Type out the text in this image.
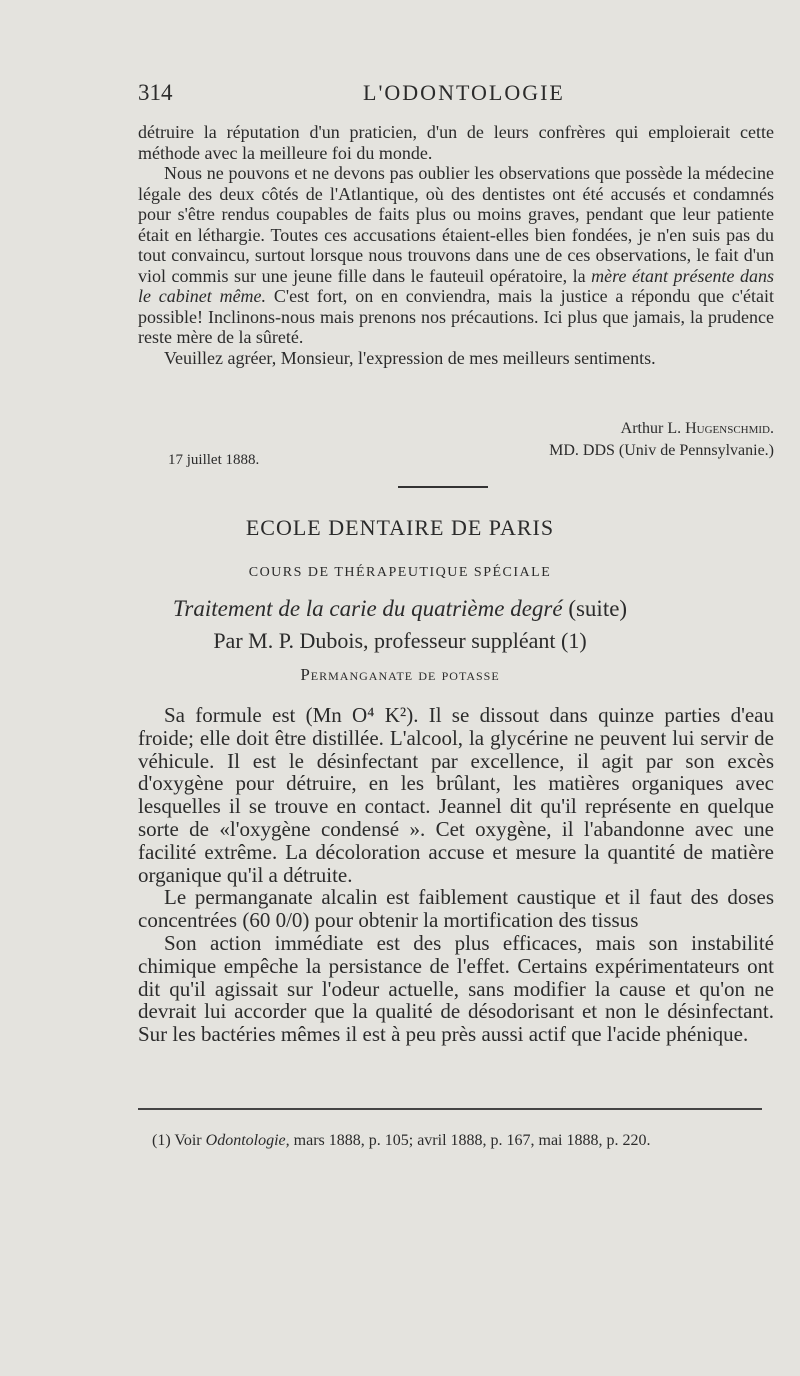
314	L'ODONTOLOGIE

détruire la réputation d'un praticien, d'un de leurs confrères qui emploierait cette méthode avec la meilleure foi du monde.

Nous ne pouvons et ne devons pas oublier les observations que possède la médecine légale des deux côtés de l'Atlantique, où des dentistes ont été accusés et condamnés pour s'être rendus coupables de faits plus ou moins graves, pendant que leur patiente était en léthargie. Toutes ces accusations étaient-elles bien fondées, je n'en suis pas du tout convaincu, surtout lorsque nous trouvons dans une de ces observations, le fait d'un viol commis sur une jeune fille dans le fauteuil opératoire, la mère étant présente dans le cabinet même. C'est fort, on en conviendra, mais la justice a répondu que c'était possible! Inclinons-nous mais prenons nos précautions. Ici plus que jamais, la prudence reste mère de la sûreté.

Veuillez agréer, Monsieur, l'expression de mes meilleurs sentiments.

Arthur L. Hugenschmid.
MD. DDS (Univ de Pennsylvanie.)
17 juillet 1888.
ECOLE DENTAIRE DE PARIS
COURS DE THÉRAPEUTIQUE SPÉCIALE
Traitement de la carie du quatrième degré (suite)
Par M. P. Dubois, professeur suppléant (1)
Permanganate de potasse

Sa formule est (Mn O⁴ K²). Il se dissout dans quinze parties d'eau froide; elle doit être distillée. L'alcool, la glycérine ne peuvent lui servir de véhicule. Il est le désinfectant par excellence, il agit par son excès d'oxygène pour détruire, en les brûlant, les matières organiques avec lesquelles il se trouve en contact. Jeannel dit qu'il représente en quelque sorte de «l'oxygène condensé ». Cet oxygène, il l'abandonne avec une facilité extrême. La décoloration accuse et mesure la quantité de matière organique qu'il a détruite.

Le permanganate alcalin est faiblement caustique et il faut des doses concentrées (60 0/0) pour obtenir la mortification des tissus

Son action immédiate est des plus efficaces, mais son instabilité chimique empêche la persistance de l'effet. Certains expérimentateurs ont dit qu'il agissait sur l'odeur actuelle, sans modifier la cause et qu'on ne devrait lui accorder que la qualité de désodorisant et non le désinfectant. Sur les bactéries mêmes il est à peu près aussi actif que l'acide phénique.

(1) Voir Odontologie, mars 1888, p. 105; avril 1888, p. 167, mai 1888, p. 220.
